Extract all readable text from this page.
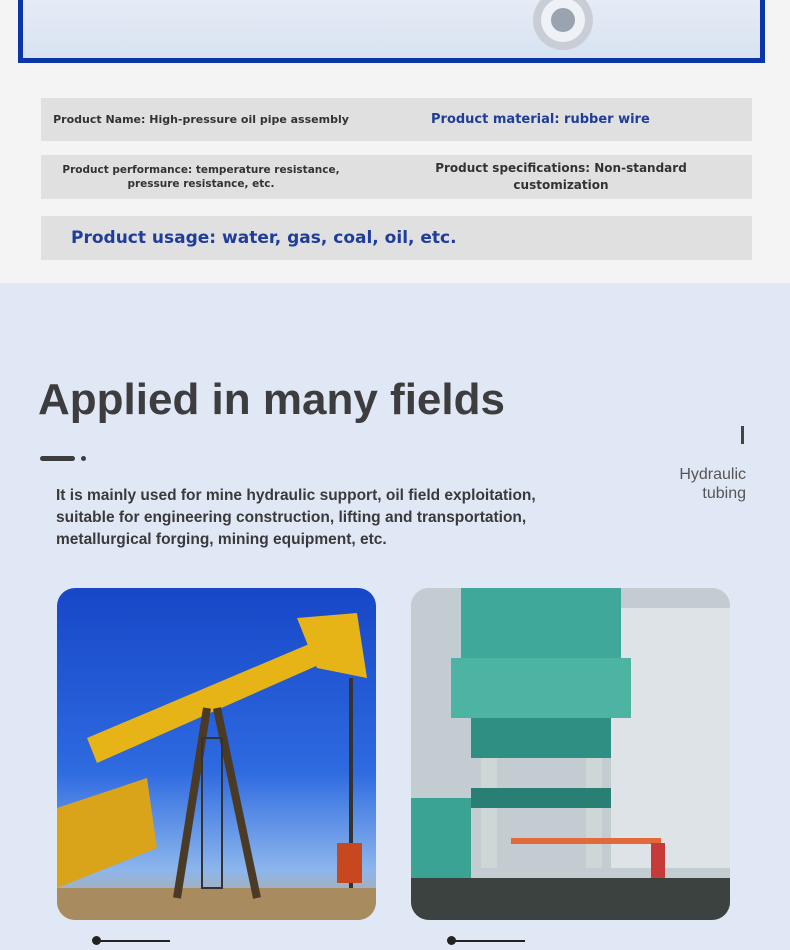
Product Name: High-pressure oil pipe assembly	Product material: rubber wire
Product performance: temperature resistance,
pressure resistance, etc.
Product specifications: Non-standard
customization
Product usage: water, gas, coal, oil, etc.
Applied in many fields
Hydraulic
tubing
It is mainly used for mine hydraulic support, oil field exploitation,
suitable for engineering construction, lifting and transportation,
metallurgical forging, mining equipment, etc.
